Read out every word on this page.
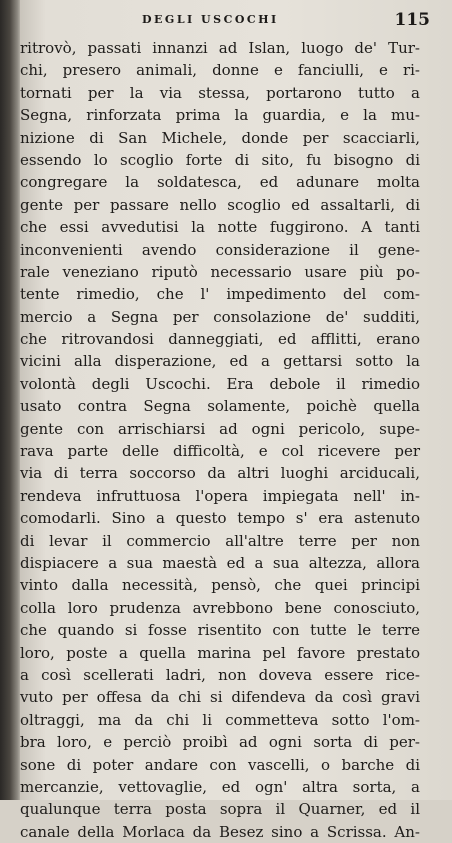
DEGLI USCOCHI	115
ritrovò, passati innanzi ad Islan, luogo de' Tur-
chi, presero animali, donne e fanciulli, e ri-
tornati per la via stessa, portarono tutto a
Segna, rinforzata prima la guardia, e la mu-
nizione di San Michele, donde per scacciarli,
essendo lo scoglio forte di sito, fu bisogno di
congregare la soldatesca, ed adunare molta
gente per passare nello scoglio ed assaltarli, di
che essi avvedutisi la notte fuggirono. A tanti
inconvenienti avendo considerazione il gene-
rale veneziano riputò necessario usare più po-
tente rimedio, che l' impedimento del com-
mercio a Segna per consolazione de' sudditi,
che ritrovandosi danneggiati, ed afflitti, erano
vicini alla disperazione, ed a gettarsi sotto la
volontà degli Uscochi. Era debole il rimedio
usato contra Segna solamente, poichè quella
gente con arrischiarsi ad ogni pericolo, supe-
rava parte delle difficoltà, e col ricevere per
via di terra soccorso da altri luoghi arciducali,
rendeva infruttuosa l'opera impiegata nell' in-
comodarli. Sino a questo tempo s' era astenuto
di levar il commercio all'altre terre per non
dispiacere a sua maestà ed a sua altezza, allora
vinto dalla necessità, pensò, che quei principi
colla loro prudenza avrebbono bene conosciuto,
che quando si fosse risentito con tutte le terre
loro, poste a quella marina pel favore prestato
a così scellerati ladri, non doveva essere rice-
vuto per offesa da chi si difendeva da così gravi
oltraggi, ma da chi li commetteva sotto l'om-
bra loro, e perciò proibì ad ogni sorta di per-
sone di poter andare con vascelli, o barche di
mercanzie, vettovaglie, ed ogn' altra sorta, a
qualunque terra posta sopra il Quarner, ed il
canale della Morlaca da Besez sino a Scrissa. An-
